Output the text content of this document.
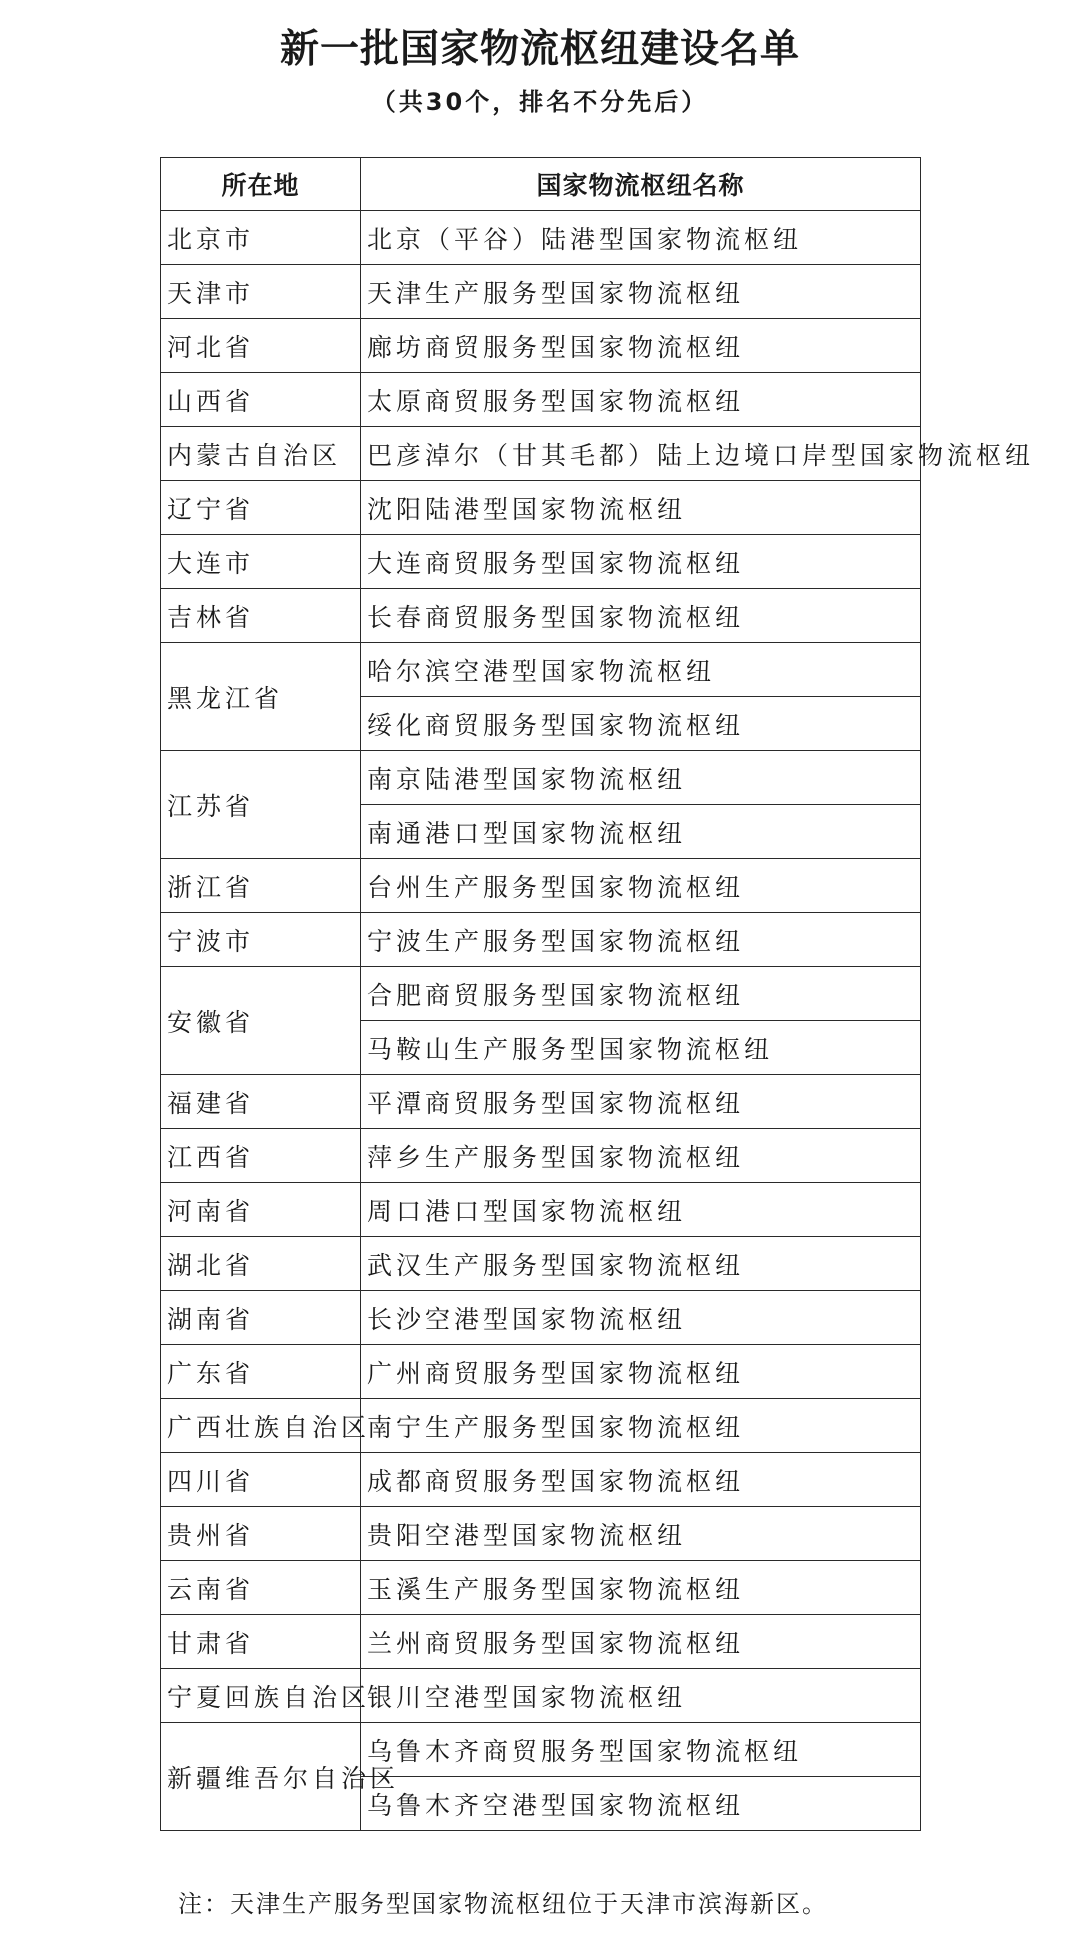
新一批国家物流枢纽建设名单
（共30个，排名不分先后）
所在地	国家物流枢纽名称
北京市	北京（平谷）陆港型国家物流枢纽
天津市	天津生产服务型国家物流枢纽
河北省	廊坊商贸服务型国家物流枢纽
山西省	太原商贸服务型国家物流枢纽
内蒙古自治区	巴彦淖尔（甘其毛都）陆上边境口岸型国家物流枢纽
辽宁省	沈阳陆港型国家物流枢纽
大连市	大连商贸服务型国家物流枢纽
吉林省	长春商贸服务型国家物流枢纽
黑龙江省	哈尔滨空港型国家物流枢纽
	绥化商贸服务型国家物流枢纽
江苏省	南京陆港型国家物流枢纽
	南通港口型国家物流枢纽
浙江省	台州生产服务型国家物流枢纽
宁波市	宁波生产服务型国家物流枢纽
安徽省	合肥商贸服务型国家物流枢纽
	马鞍山生产服务型国家物流枢纽
福建省	平潭商贸服务型国家物流枢纽
江西省	萍乡生产服务型国家物流枢纽
河南省	周口港口型国家物流枢纽
湖北省	武汉生产服务型国家物流枢纽
湖南省	长沙空港型国家物流枢纽
广东省	广州商贸服务型国家物流枢纽
广西壮族自治区	南宁生产服务型国家物流枢纽
四川省	成都商贸服务型国家物流枢纽
贵州省	贵阳空港型国家物流枢纽
云南省	玉溪生产服务型国家物流枢纽
甘肃省	兰州商贸服务型国家物流枢纽
宁夏回族自治区	银川空港型国家物流枢纽
新疆维吾尔自治区	乌鲁木齐商贸服务型国家物流枢纽
	乌鲁木齐空港型国家物流枢纽
注：天津生产服务型国家物流枢纽位于天津市滨海新区。
